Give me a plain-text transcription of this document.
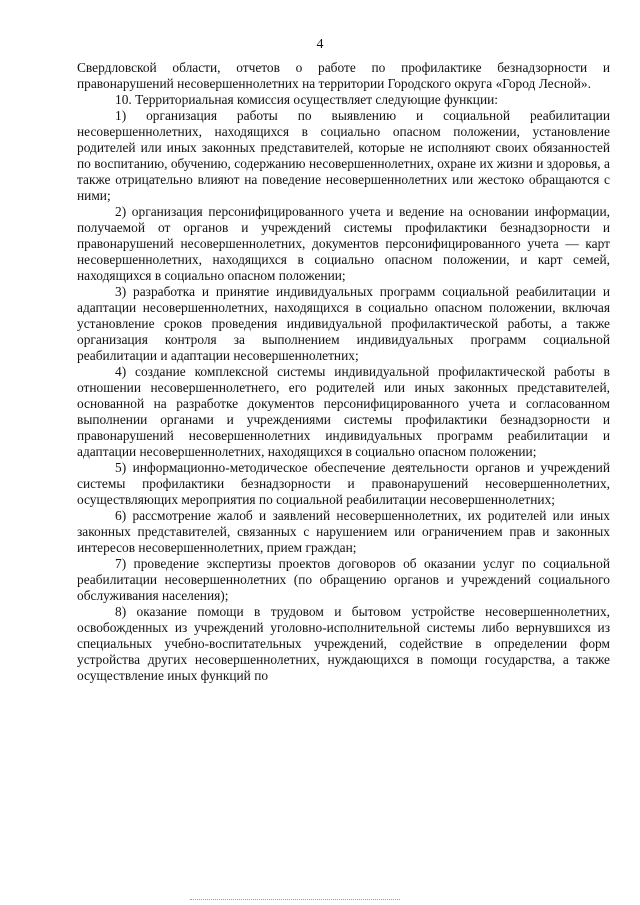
4

Свердловской области, отчетов о работе по профилактике безнадзорности и правонарушений несовершеннолетних на территории Городского округа «Город Лесной».

10. Территориальная комиссия осуществляет следующие функции:

1) организация работы по выявлению и социальной реабилитации несовершеннолетних, находящихся в социально опасном положении, установление родителей или иных законных представителей, которые не исполняют своих обязанностей по воспитанию, обучению, содержанию несовершеннолетних, охране их жизни и здоровья, а также отрицательно влияют на поведение несовершеннолетних или жестоко обращаются с ними;

2) организация персонифицированного учета и ведение на основании информации, получаемой от органов и учреждений системы профилактики безнадзорности и правонарушений несовершеннолетних, документов персонифицированного учета — карт несовершеннолетних, находящихся в социально опасном положении, и карт семей, находящихся в социально опасном положении;

3) разработка и принятие индивидуальных программ социальной реабилитации и адаптации несовершеннолетних, находящихся в социально опасном положении, включая установление сроков проведения индивидуальной профилактической работы, а также организация контроля за выполнением индивидуальных программ социальной реабилитации и адаптации несовершеннолетних;

4) создание комплексной системы индивидуальной профилактической работы в отношении несовершеннолетнего, его родителей или иных законных представителей, основанной на разработке документов персонифицированного учета и согласованном выполнении органами и учреждениями системы профилактики безнадзорности и правонарушений несовершеннолетних индивидуальных программ реабилитации и адаптации несовершеннолетних, находящихся в социально опасном положении;

5) информационно-методическое обеспечение деятельности органов и учреждений системы профилактики безнадзорности и правонарушений несовершеннолетних, осуществляющих мероприятия по социальной реабилитации несовершеннолетних;

6) рассмотрение жалоб и заявлений несовершеннолетних, их родителей или иных законных представителей, связанных с нарушением или ограничением прав и законных интересов несовершеннолетних, прием граждан;

7) проведение экспертизы проектов договоров об оказании услуг по социальной реабилитации несовершеннолетних (по обращению органов и учреждений социального обслуживания населения);

8) оказание помощи в трудовом и бытовом устройстве несовершеннолетних, освобожденных из учреждений уголовно-исполнительной системы либо вернувшихся из специальных учебно-воспитательных учреждений, содействие в определении форм устройства других несовершеннолетних, нуждающихся в помощи государства, а также осуществление иных функций по
